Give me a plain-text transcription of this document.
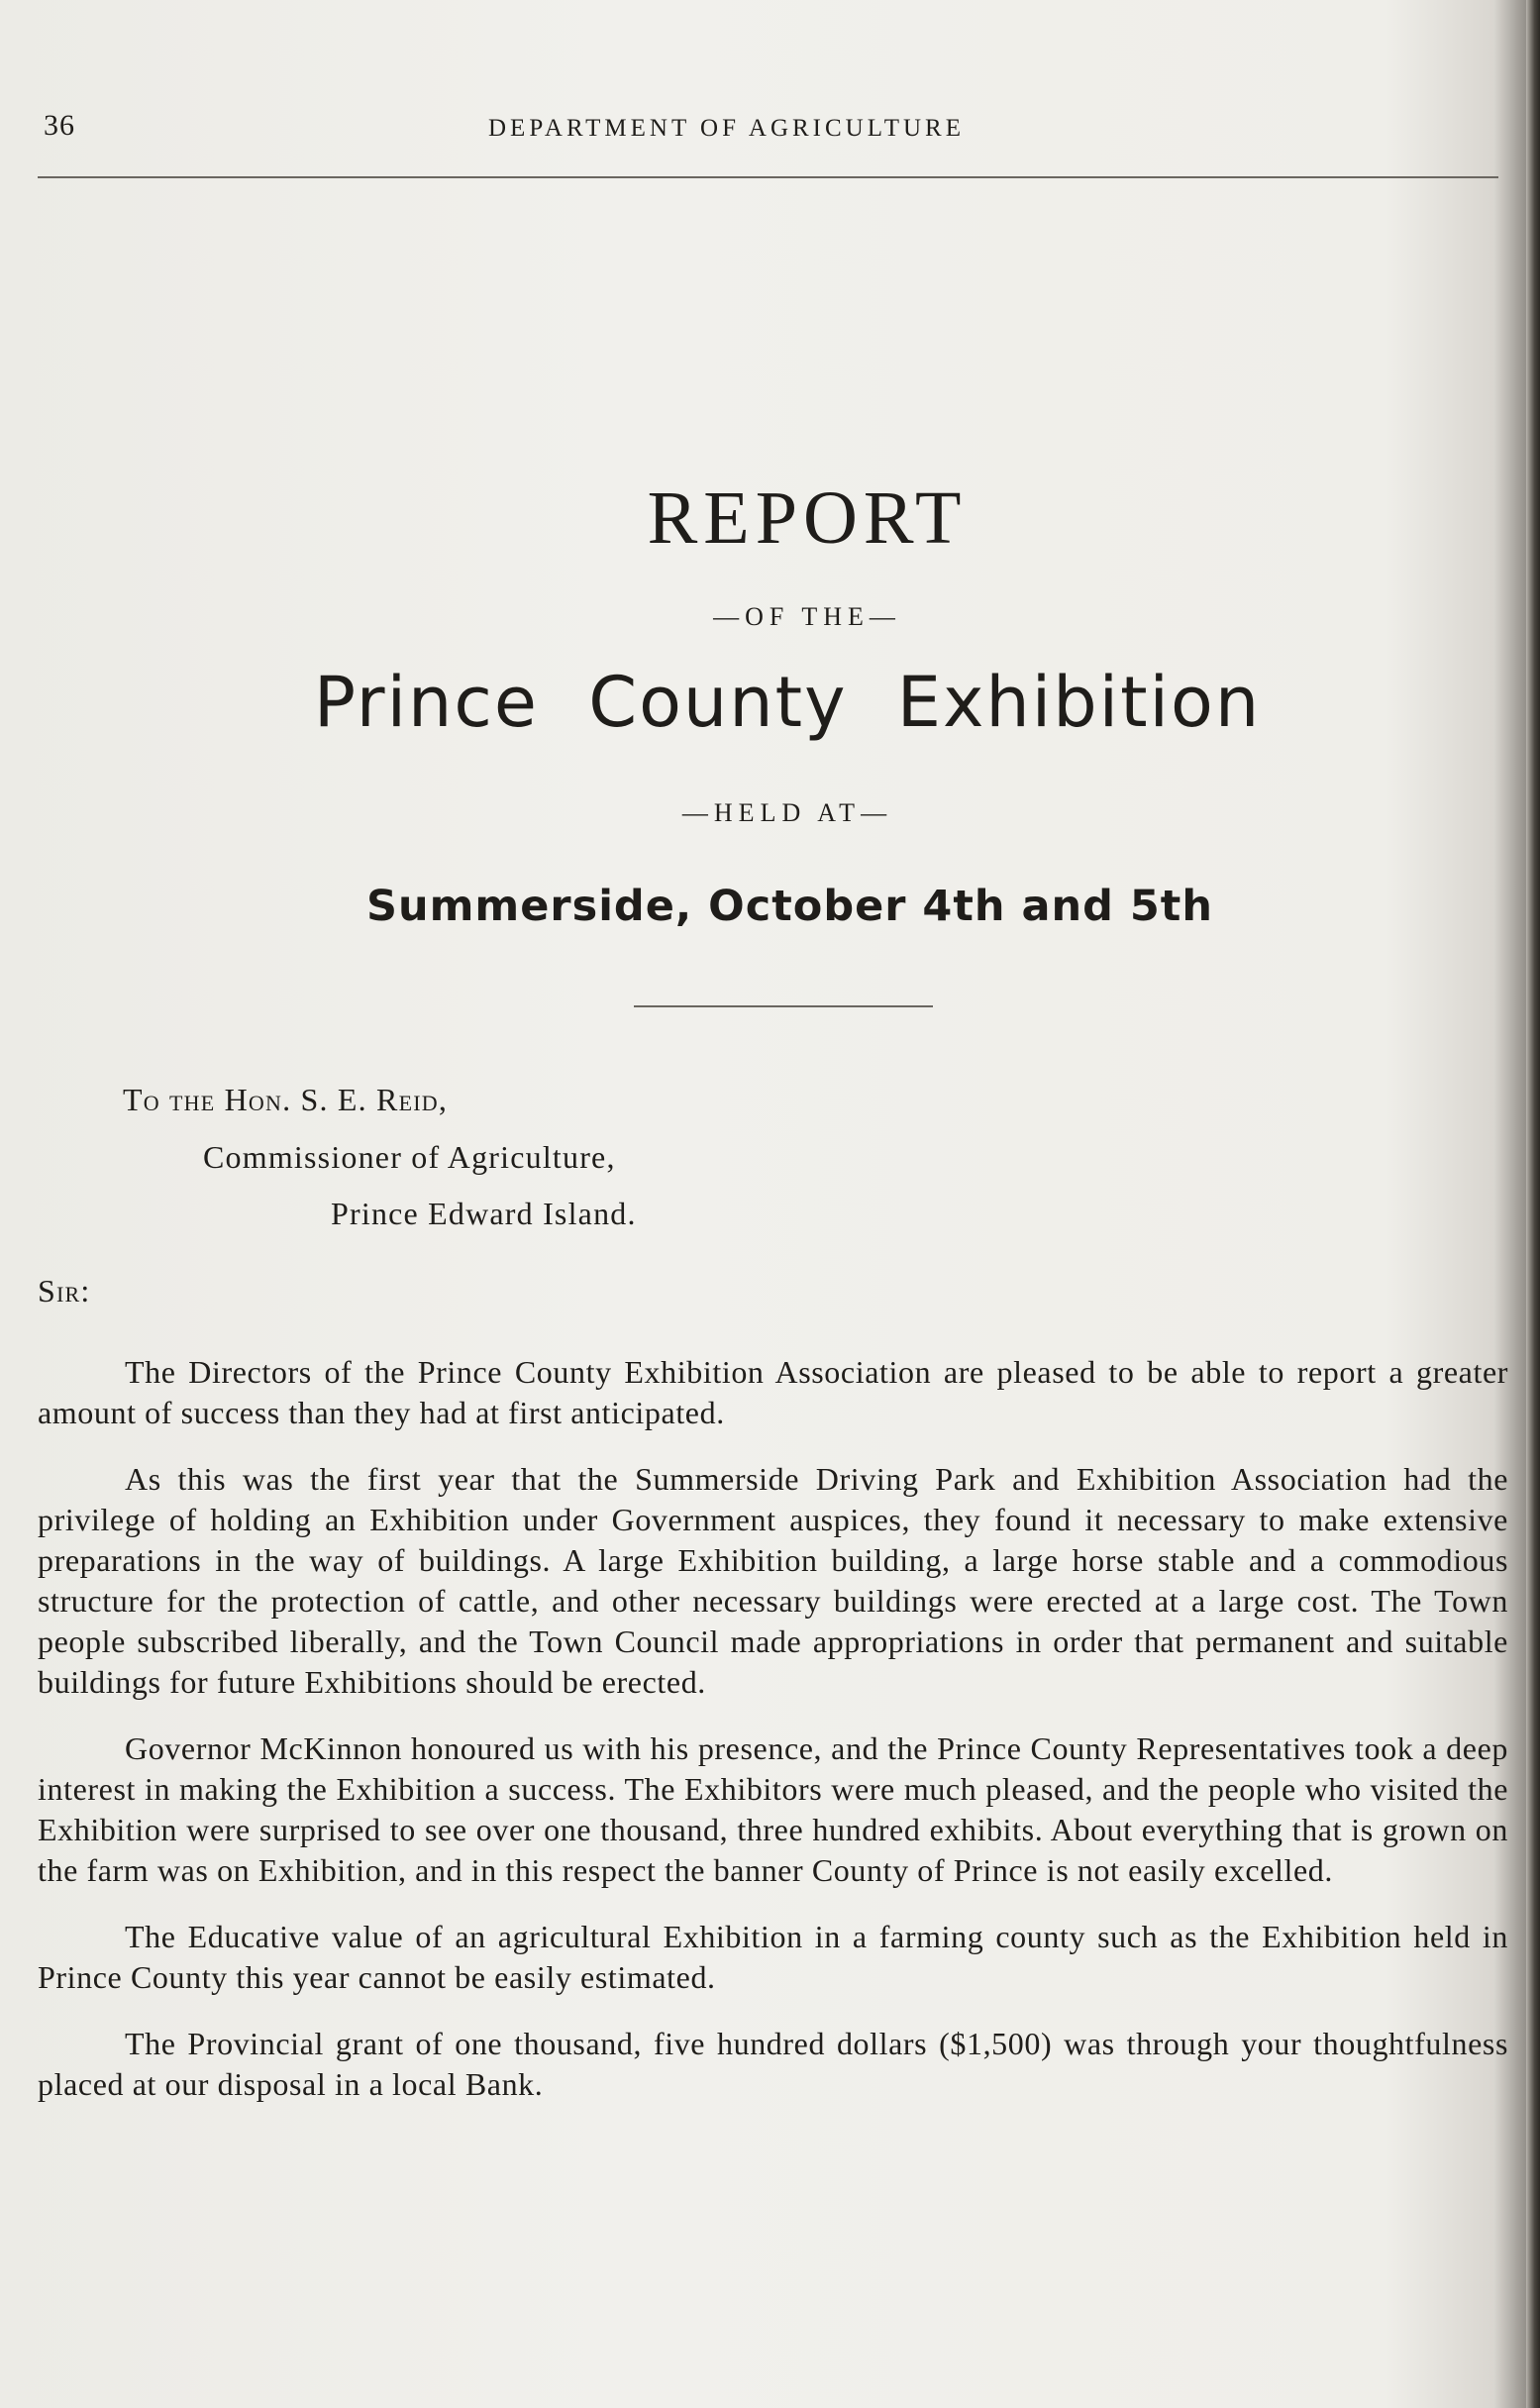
36	DEPARTMENT OF AGRICULTURE
REPORT
—OF THE—
Prince County Exhibition
—HELD AT—
Summerside, October 4th and 5th
To the Hon. S. E. Reid,
Commissioner of Agriculture,
Prince Edward Island.
Sir:

The Directors of the Prince County Exhibition Association are pleased to be able to report a greater amount of success than they had at first anticipated.

As this was the first year that the Summerside Driving Park and Exhibition Association had the privilege of holding an Exhibition under Government auspices, they found it necessary to make extensive preparations in the way of buildings. A large Exhibition building, a large horse stable and a commodious structure for the protection of cattle, and other necessary buildings were erected at a large cost. The Town people subscribed liberally, and the Town Council made appropriations in order that permanent and suitable buildings for future Exhibitions should be erected.

Governor McKinnon honoured us with his presence, and the Prince County Representatives took a deep interest in making the Exhibition a success. The Exhibitors were much pleased, and the people who visited the Exhibition were surprised to see over one thousand, three hundred exhibits. About everything that is grown on the farm was on Exhibition, and in this respect the banner County of Prince is not easily excelled.

The Educative value of an agricultural Exhibition in a farming county such as the Exhibition held in Prince County this year cannot be easily estimated.

The Provincial grant of one thousand, five hundred dollars ($1,500) was through your thoughtfulness placed at our disposal in a local Bank.
